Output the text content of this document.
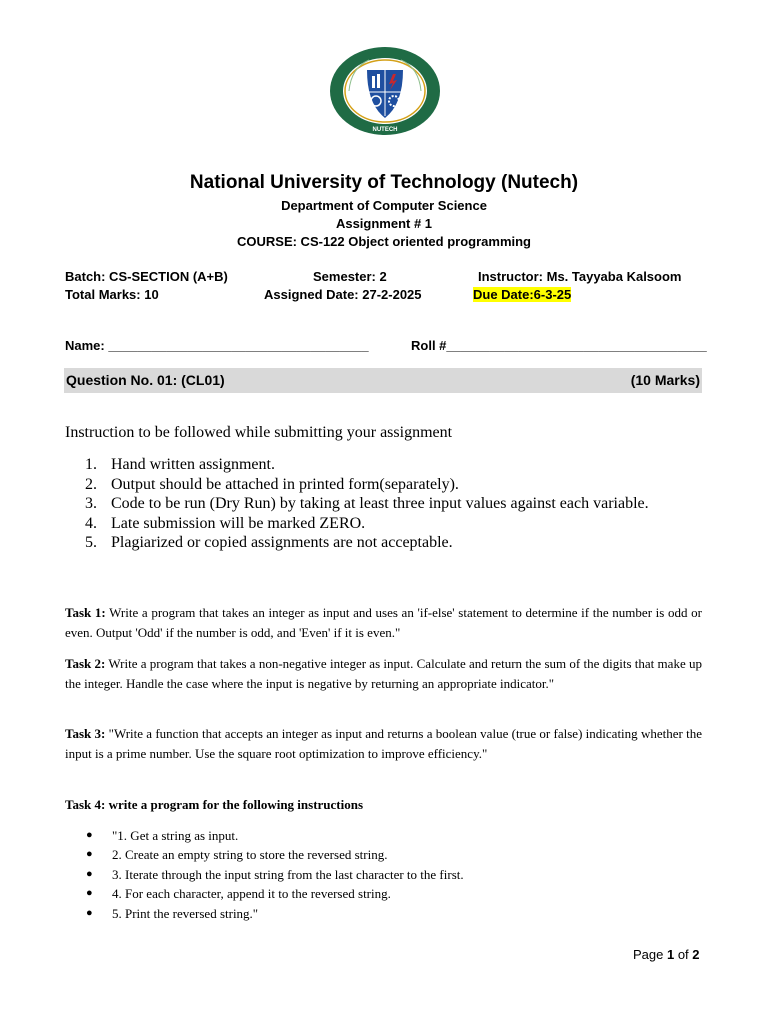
NUTECH
National University of Technology (Nutech)
Department of Computer Science
Assignment # 1
COURSE: CS-122 Object oriented programming
Batch: CS-SECTION (A+B)	Semester: 2	Instructor: Ms. Tayyaba Kalsoom
Total Marks: 10	Assigned Date: 27-2-2025	Due Date:6-3-25
Name: ____________________________________	Roll #____________________________________
Question No. 01: (CL01)	(10 Marks)
Instruction to be followed while submitting your assignment
1. Hand written assignment.
2. Output should be attached in printed form(separately).
3. Code to be run (Dry Run) by taking at least three input values against each variable.
4. Late submission will be marked ZERO.
5. Plagiarized or copied assignments are not acceptable.
Task 1: Write a program that takes an integer as input and uses an 'if-else' statement to determine if the number is odd or even. Output 'Odd' if the number is odd, and 'Even' if it is even."
Task 2: Write a program that takes a non-negative integer as input. Calculate and return the sum of the digits that make up the integer. Handle the case where the input is negative by returning an appropriate indicator."
Task 3: "Write a function that accepts an integer as input and returns a boolean value (true or false) indicating whether the input is a prime number. Use the square root optimization to improve efficiency."
Task 4: write a program for the following instructions
● "1. Get a string as input.
● 2. Create an empty string to store the reversed string.
● 3. Iterate through the input string from the last character to the first.
● 4. For each character, append it to the reversed string.
● 5. Print the reversed string."
Page 1 of 2
